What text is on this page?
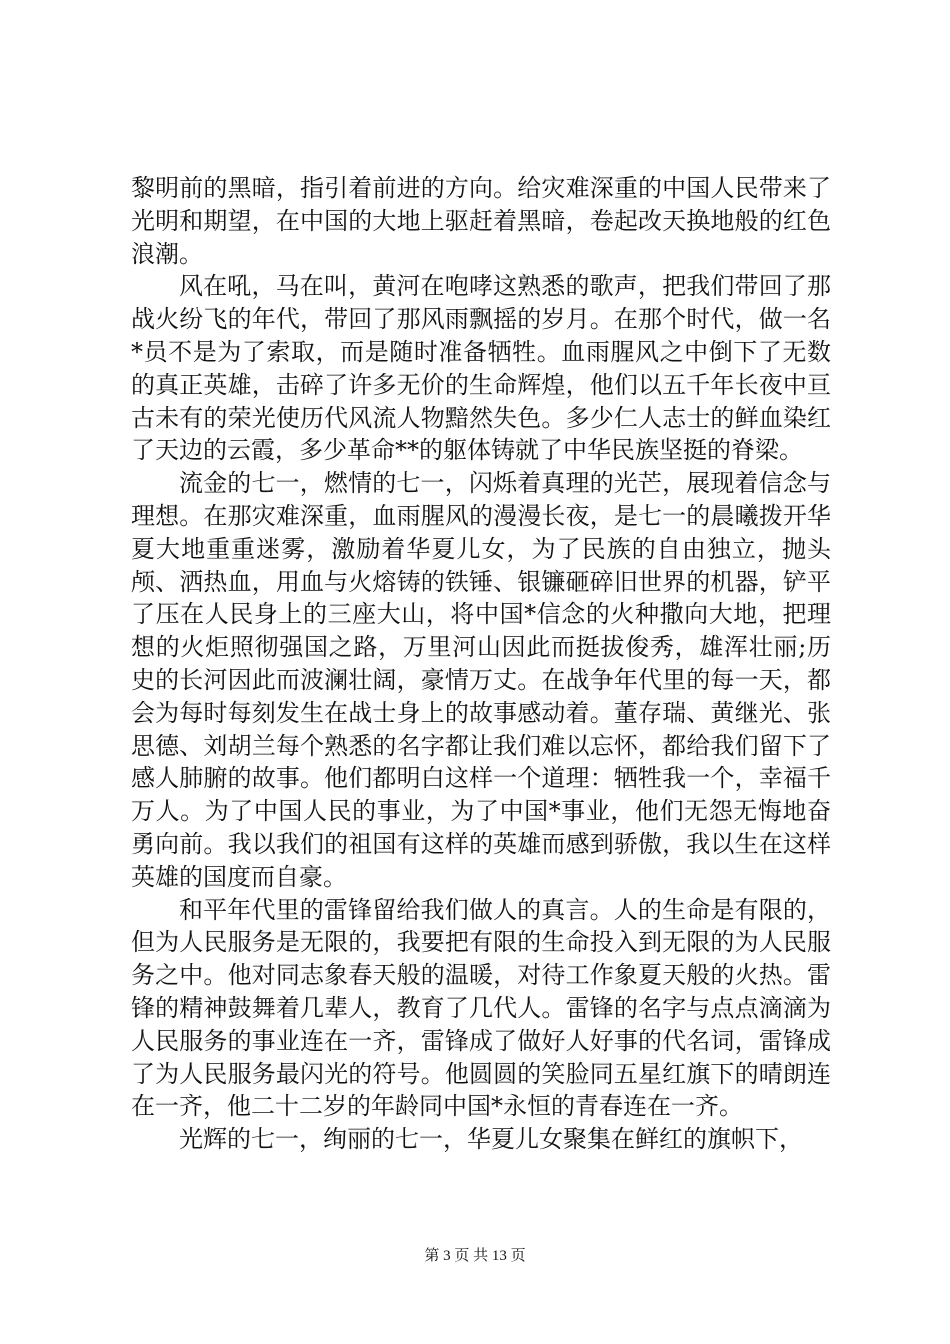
黎明前的黑暗，指引着前进的方向。给灾难深重的中国人民带来了光明和期望，在中国的大地上驱赶着黑暗，卷起改天换地般的红色浪潮。

风在吼，马在叫，黄河在咆哮这熟悉的歌声，把我们带回了那战火纷飞的年代，带回了那风雨飘摇的岁月。在那个时代，做一名*员不是为了索取，而是随时准备牺牲。血雨腥风之中倒下了无数的真正英雄，击碎了许多无价的生命辉煌，他们以五千年长夜中亘古未有的荣光使历代风流人物黯然失色。多少仁人志士的鲜血染红了天边的云霞，多少革命**的躯体铸就了中华民族坚挺的脊梁。

流金的七一，燃情的七一，闪烁着真理的光芒，展现着信念与理想。在那灾难深重，血雨腥风的漫漫长夜，是七一的晨曦拨开华夏大地重重迷雾，激励着华夏儿女，为了民族的自由独立，抛头颅、洒热血，用血与火熔铸的铁锤、银镰砸碎旧世界的机器，铲平了压在人民身上的三座大山，将中国*信念的火种撒向大地，把理想的火炬照彻强国之路，万里河山因此而挺拔俊秀，雄浑壮丽;历史的长河因此而波澜壮阔，豪情万丈。在战争年代里的每一天，都会为每时每刻发生在战士身上的故事感动着。董存瑞、黄继光、张思德、刘胡兰每个熟悉的名字都让我们难以忘怀，都给我们留下了感人肺腑的故事。他们都明白这样一个道理：牺牲我一个，幸福千万人。为了中国人民的事业，为了中国*事业，他们无怨无悔地奋勇向前。我以我们的祖国有这样的英雄而感到骄傲，我以生在这样英雄的国度而自豪。

和平年代里的雷锋留给我们做人的真言。人的生命是有限的，但为人民服务是无限的，我要把有限的生命投入到无限的为人民服务之中。他对同志象春天般的温暖，对待工作象夏天般的火热。雷锋的精神鼓舞着几辈人，教育了几代人。雷锋的名字与点点滴滴为人民服务的事业连在一齐，雷锋成了做好人好事的代名词，雷锋成了为人民服务最闪光的符号。他圆圆的笑脸同五星红旗下的晴朗连在一齐，他二十二岁的年龄同中国*永恒的青春连在一齐。

光辉的七一，绚丽的七一，华夏儿女聚集在鲜红的旗帜下，

第 3 页 共 13 页
